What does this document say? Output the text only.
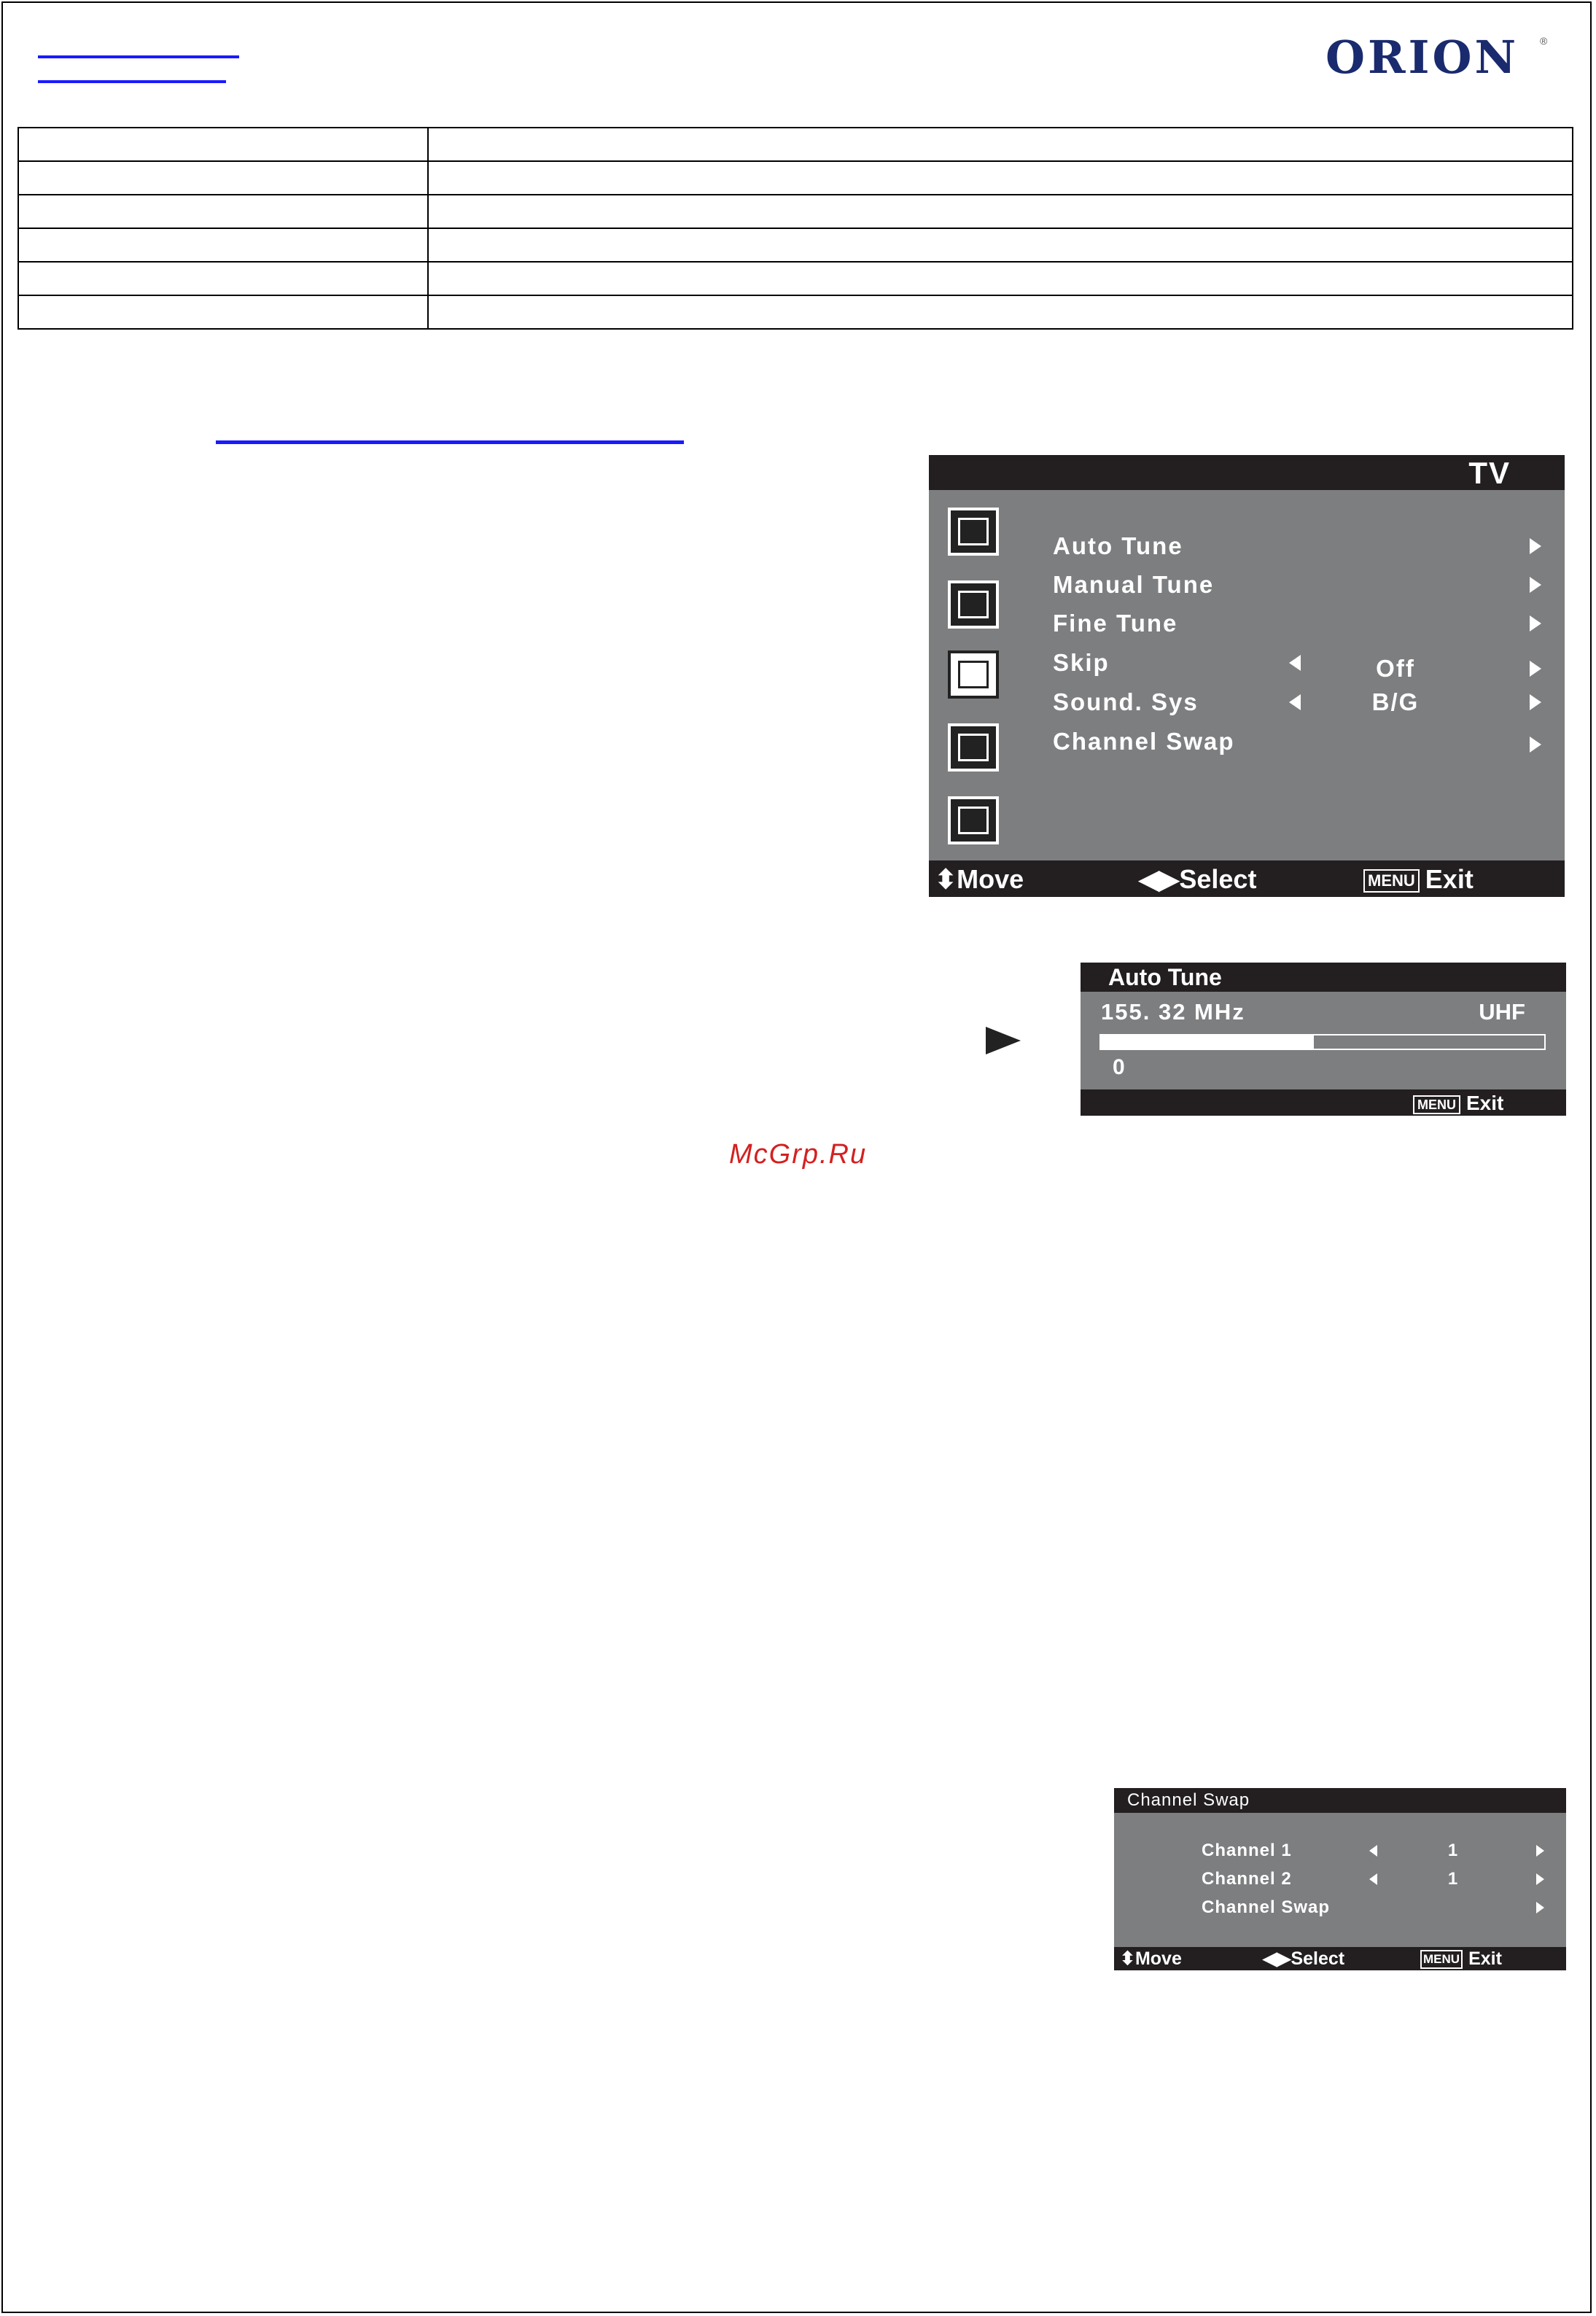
ORION ®

TV
Auto Tune
Manual Tune
Fine Tune
Skip	Off
Sound. Sys	B/G
Channel Swap
⬍Move	◀▶Select	MENU Exit
Auto Tune
155. 32 MHz	UHF
0
MENU Exit
McGrp.Ru
Channel Swap
Channel 1	1
Channel 2	1
Channel Swap
⬍Move	◀▶Select	MENU Exit
